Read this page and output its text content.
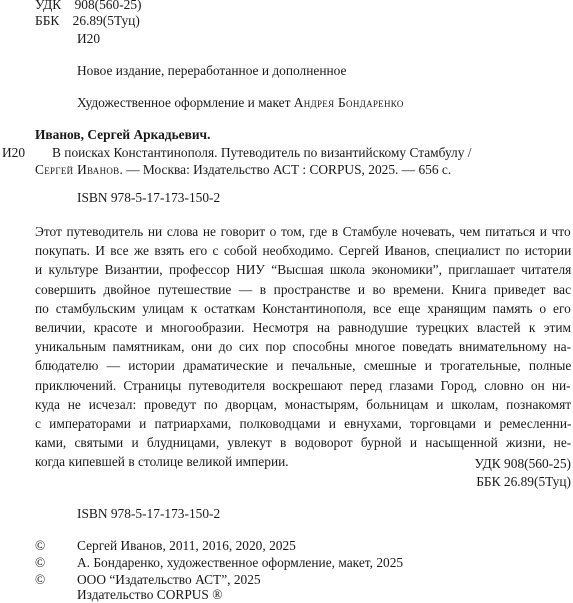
УДК 908(560-25)
ББК 26.89(5Туц)
И20
Новое издание, переработанное и дополненное
Художественное оформление и макет Андрея Бондаренко
Иванов, Сергей Аркадьевич.
И20 В поисках Константинополя. Путеводитель по византийскому Стамбулу /
Сергей Иванов. — Москва: Издательство АСТ : CORPUS, 2025. — 656 с.
ISBN 978-5-17-173-150-2
Этот путеводитель ни слова не говорит о том, где в Стамбуле ночевать, чем питаться и что
покупать. И все же взять его с собой необходимо. Сергей Иванов, специалист по истории
и культуре Византии, профессор НИУ “Высшая школа экономики”, приглашает читателя
совершить двойное путешествие — в пространстве и во времени. Книга приведет вас
по стамбульским улицам к остаткам Константинополя, все еще хранящим память о его
величии, красоте и многообразии. Несмотря на равнодушие турецких властей к этим
уникальным памятникам, они до сих пор способны многое поведать внимательному на-
блюдателю — истории драматические и печальные, смешные и трогательные, полные
приключений. Страницы путеводителя воскрешают перед глазами Город, словно он ни-
куда не исчезал: проведут по дворцам, монастырям, больницам и школам, познакомят
с императорами и патриархами, полководцами и евнухами, торговцами и ремесленни-
ками, святыми и блудницами, увлекут в водоворот бурной и насыщенной жизни, не-
когда кипевшей в столице великой империи.	УДК 908(560-25)
ББК 26.89(5Туц)
ISBN 978-5-17-173-150-2
© Сергей Иванов, 2011, 2016, 2020, 2025
© А. Бондаренко, художественное оформление, макет, 2025
© ООО “Издательство АСТ”, 2025
Издательство CORPUS ®
